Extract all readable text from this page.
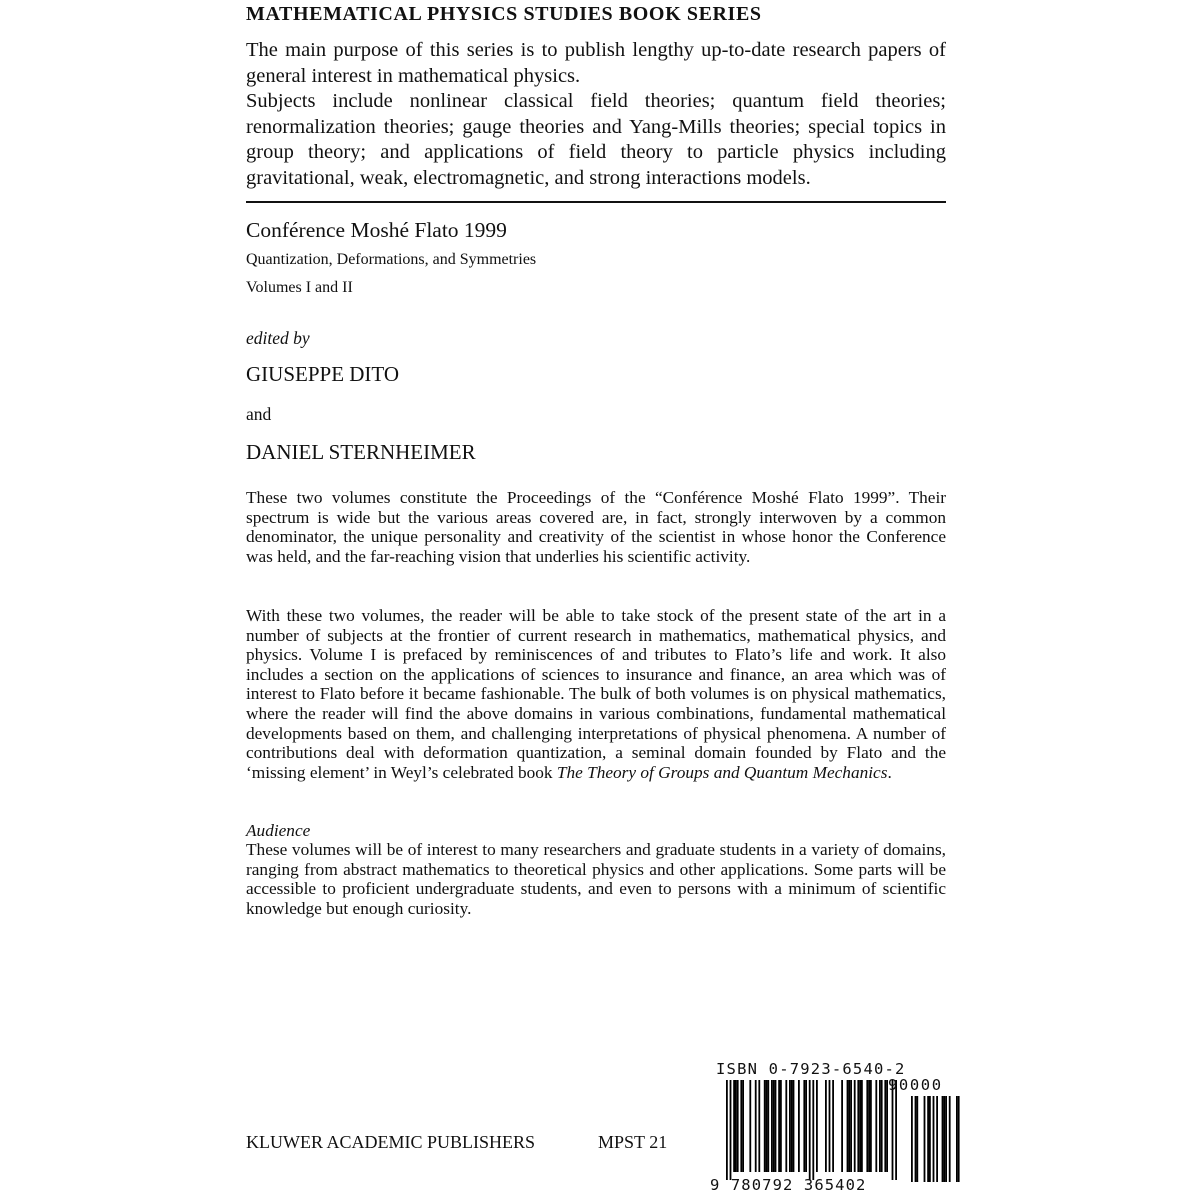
MATHEMATICAL PHYSICS STUDIES BOOK SERIES

The main purpose of this series is to publish lengthy up-to-date research papers of general interest in mathematical physics.

Subjects include nonlinear classical field theories; quantum field theories; renormalization theories; gauge theories and Yang-Mills theories; special topics in group theory; and applications of field theory to particle physics including gravitational, weak, electromagnetic, and strong interactions models.

Conférence Moshé Flato 1999
Quantization, Deformations, and Symmetries
Volumes I and II
edited by
GIUSEPPE DITO
and
DANIEL STERNHEIMER

These two volumes constitute the Proceedings of the “Conférence Moshé Flato 1999”. Their spectrum is wide but the various areas covered are, in fact, strongly interwoven by a common denominator, the unique personality and creativity of the scientist in whose honor the Conference was held, and the far-reaching vision that underlies his scientific activity.

With these two volumes, the reader will be able to take stock of the present state of the art in a number of subjects at the frontier of current research in mathematics, mathematical physics, and physics. Volume I is prefaced by reminiscences of and tributes to Flato’s life and work. It also includes a section on the applications of sciences to insurance and finance, an area which was of interest to Flato before it became fashionable. The bulk of both volumes is on physical mathematics, where the reader will find the above domains in various combinations, fundamental mathematical developments based on them, and challenging interpretations of physical phenomena. A number of contributions deal with deformation quantization, a seminal domain founded by Flato and the ‘missing element’ in Weyl’s celebrated book The Theory of Groups and Quantum Mechanics.

Audience

These volumes will be of interest to many researchers and graduate students in a variety of domains, ranging from abstract mathematics to theoretical physics and other applications. Some parts will be accessible to proficient undergraduate students, and even to persons with a minimum of scientific knowledge but enough curiosity.

KLUWER ACADEMIC PUBLISHERS	MPST 21
ISBN 0-7923-6540-2
90000
9 780792 365402
